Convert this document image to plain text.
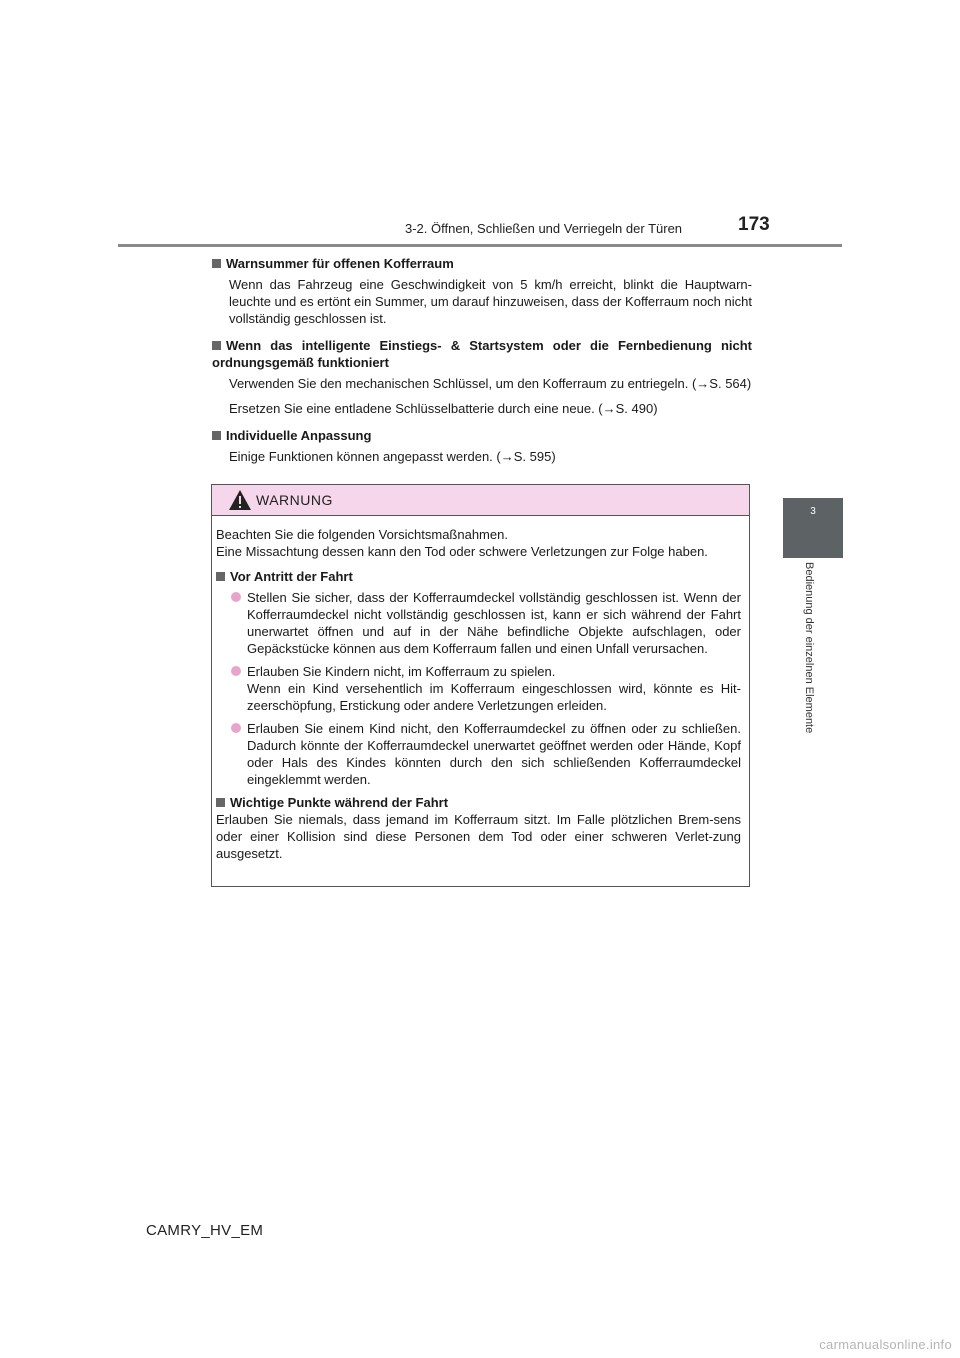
3-2. Öffnen, Schließen und Verriegeln der Türen	173
3
Bedienung der einzelnen Elemente

Warnsummer für offenen Kofferraum

Wenn das Fahrzeug eine Geschwindigkeit von 5 km/h erreicht, blinkt die Hauptwarn-leuchte und es ertönt ein Summer, um darauf hinzuweisen, dass der Kofferraum noch nicht vollständig geschlossen ist.

Wenn das intelligente Einstiegs- & Startsystem oder die Fernbedienung nicht ordnungsgemäß funktioniert

Verwenden Sie den mechanischen Schlüssel, um den Kofferraum zu entriegeln. (→S. 564)

Ersetzen Sie eine entladene Schlüsselbatterie durch eine neue. (→S. 490)

Individuelle Anpassung

Einige Funktionen können angepasst werden. (→S. 595)

WARNUNG

Beachten Sie die folgenden Vorsichtsmaßnahmen.

Eine Missachtung dessen kann den Tod oder schwere Verletzungen zur Folge haben.

Vor Antritt der Fahrt

Stellen Sie sicher, dass der Kofferraumdeckel vollständig geschlossen ist. Wenn der Kofferraumdeckel nicht vollständig geschlossen ist, kann er sich während der Fahrt unerwartet öffnen und auf in der Nähe befindliche Objekte aufschlagen, oder Gepäckstücke können aus dem Kofferraum fallen und einen Unfall verursachen.
Erlauben Sie Kindern nicht, im Kofferraum zu spielen.
Wenn ein Kind versehentlich im Kofferraum eingeschlossen wird, könnte es Hit-zeerschöpfung, Erstickung oder andere Verletzungen erleiden.
Erlauben Sie einem Kind nicht, den Kofferraumdeckel zu öffnen oder zu schließen. Dadurch könnte der Kofferraumdeckel unerwartet geöffnet werden oder Hände, Kopf oder Hals des Kindes könnten durch den sich schließenden Kofferraumdeckel eingeklemmt werden.

Wichtige Punkte während der Fahrt

Erlauben Sie niemals, dass jemand im Kofferraum sitzt. Im Falle plötzlichen Brem-sens oder einer Kollision sind diese Personen dem Tod oder einer schweren Verlet-zung ausgesetzt.

CAMRY_HV_EM
carmanualsonline.info
